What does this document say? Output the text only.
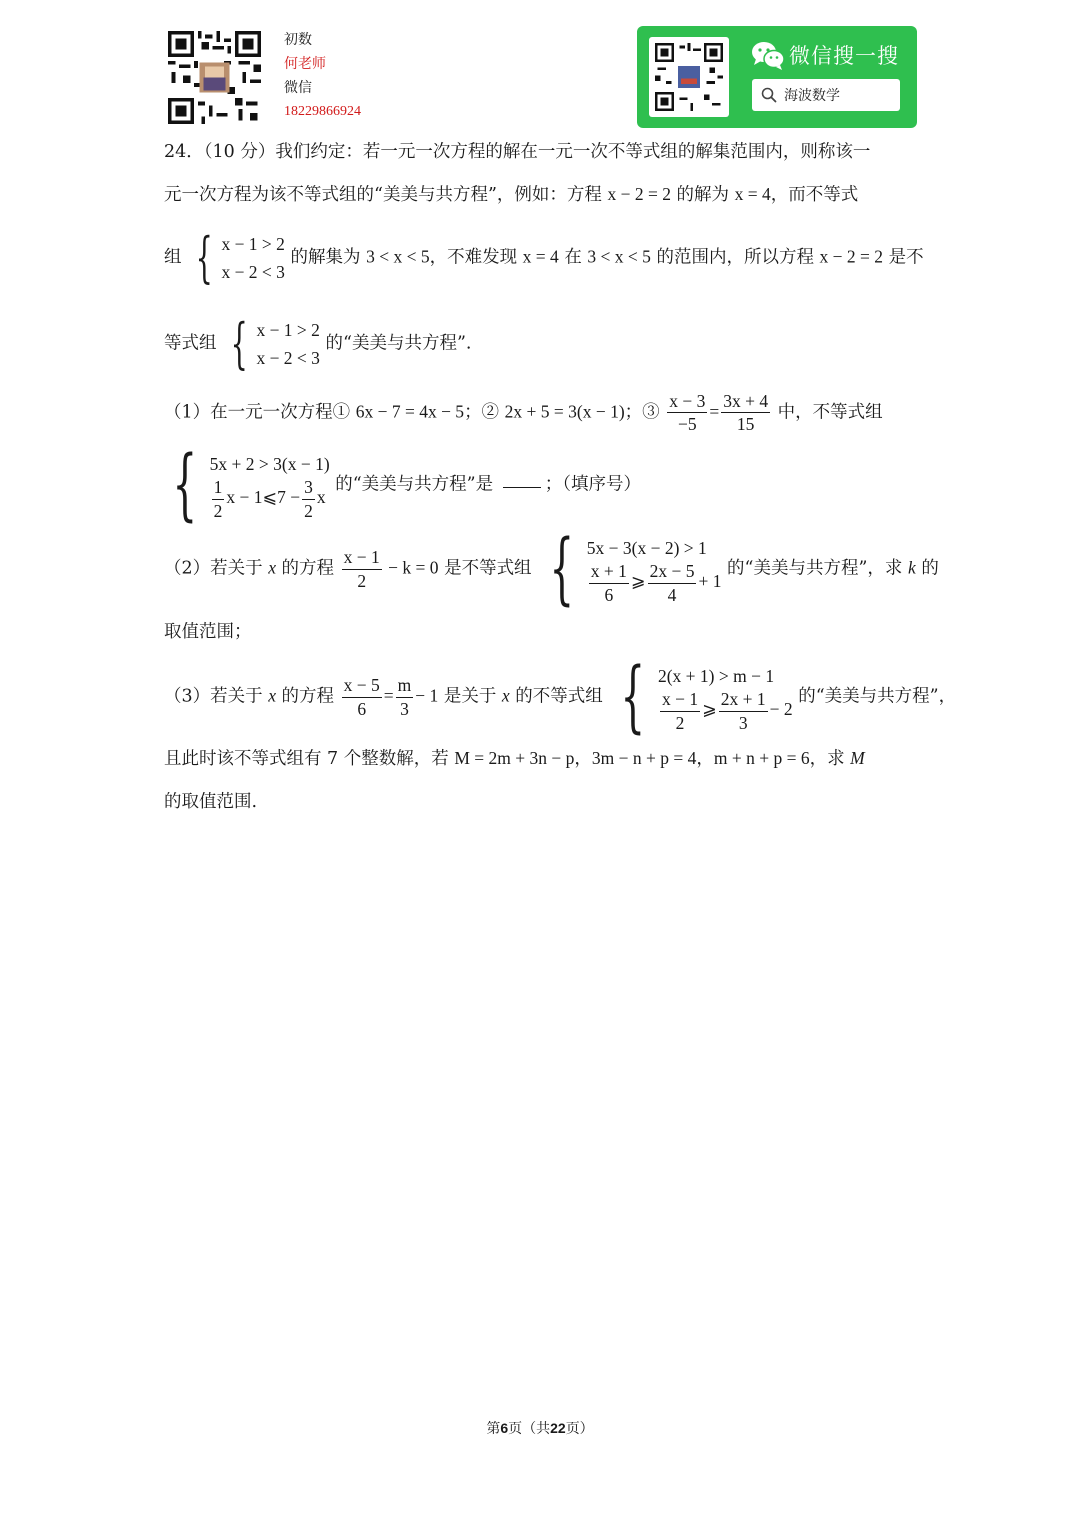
初数
何老师
微信
18229866924
微信搜一搜
海波数学
24．（10 分）我们约定：若一元一次方程的解在一元一次不等式组的解集范围内，则称该一
元一次方程为该不等式组的“美美与共方程”，例如：方程 x − 2 = 2 的解为 x = 4，而不等式
组 { x − 1 > 2
x − 2 < 3
的解集为 3 < x < 5，不难发现 x = 4 在 3 < x < 5 的范围内，所以方程 x − 2 = 2 是不
等式组 { x − 1 > 2
x − 2 < 3
的“美美与共方程”.
（1）在一元一次方程① 6x − 7 = 4x − 5；② 2x + 5 = 3(x − 1)；③ $\frac{x - 3}{-5} = \frac{3x + 4}{15}$ 中，不等式组
{ 5x + 2 > 3(x − 1)
$\frac{1}{2}$ x − 1⩽7 − $\frac{3}{2}$ x
的“美美与共方程”是	；（填序号）
（2）若关于 x 的方程 $\frac{x - 1}{2} - k = 0$ 是不等式组 { 5x − 3(x − 2) > 1
$\frac{x + 1}{6}$ ⩾ $\frac{2x - 5}{4} + 1$
的“美美与共方程”，求 k 的
取值范围；
（3）若关于 x 的方程 $\frac{x - 5}{6} = \frac{m}{3} - 1$ 是关于 x 的不等式组 { 2(x + 1) > m − 1
$\frac{x - 1}{2}$ ⩾ $\frac{2x + 1}{3} - 2$
的“美美与共方程”，
且此时该不等式组有 7 个整数解，若 M = 2m + 3n − p，3m − n + p = 4，m + n + p = 6，求 M
的取值范围.
第6页（共22页）
